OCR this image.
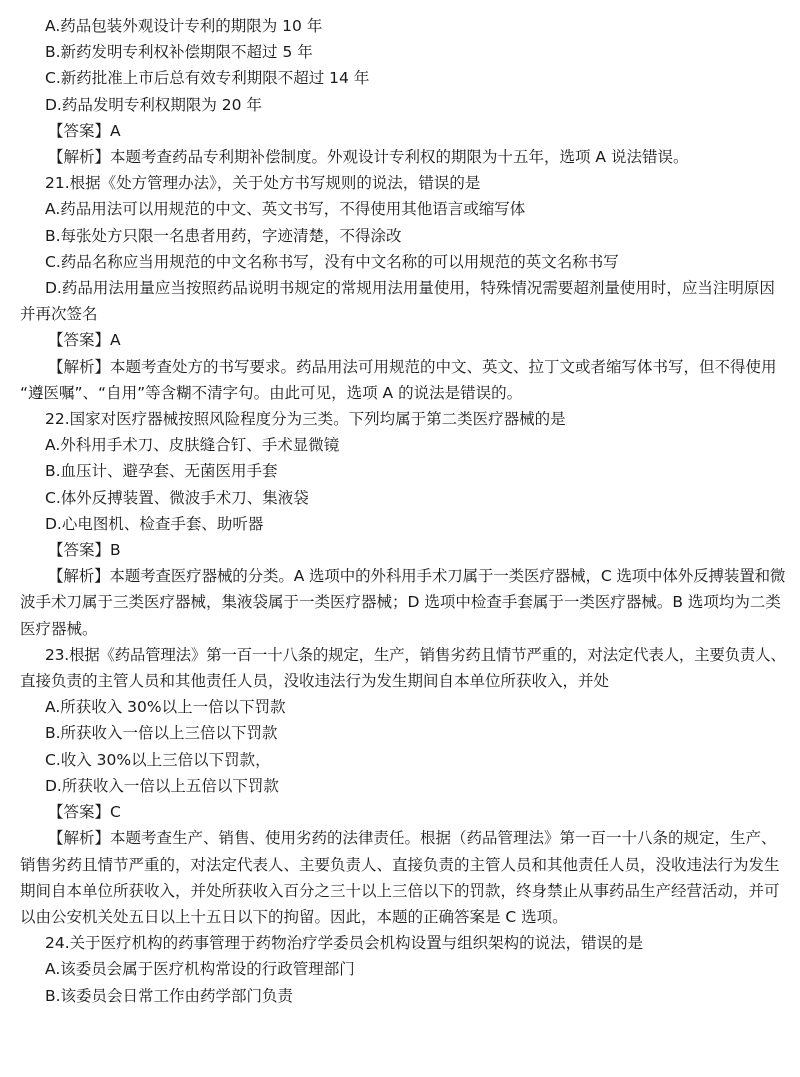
A.药品包装外观设计专利的期限为 10 年
B.新药发明专利权补偿期限不超过 5 年
C.新药批准上市后总有效专利期限不超过 14 年
D.药品发明专利权期限为 20 年
【答案】A
【解析】本题考查药品专利期补偿制度。外观设计专利权的期限为十五年，选项 A 说法错误。
21.根据《处方管理办法》，关于处方书写规则的说法，错误的是
A.药品用法可以用规范的中文、英文书写，不得使用其他语言或缩写体
B.每张处方只限一名患者用药，字迹清楚，不得涂改
C.药品名称应当用规范的中文名称书写，没有中文名称的可以用规范的英文名称书写
D.药品用法用量应当按照药品说明书规定的常规用法用量使用，特殊情况需要超剂量使用时，应当注明原因
并再次签名
【答案】A
【解析】本题考查处方的书写要求。药品用法可用规范的中文、英文、拉丁文或者缩写体书写，但不得使用
“遵医嘱”、“自用”等含糊不清字句。由此可见，选项 A 的说法是错误的。
22.国家对医疗器械按照风险程度分为三类。下列均属于第二类医疗器械的是
A.外科用手术刀、皮肤缝合钉、手术显微镜
B.血压计、避孕套、无菌医用手套
C.体外反搏装置、微波手术刀、集液袋
D.心电图机、检查手套、助听器
【答案】B
【解析】本题考查医疗器械的分类。A 选项中的外科用手术刀属于一类医疗器械，C 选项中体外反搏装置和微
波手术刀属于三类医疗器械，集液袋属于一类医疗器械；D 选项中检查手套属于一类医疗器械。B 选项均为二类
医疗器械。
23.根据《药品管理法》第一百一十八条的规定，生产，销售劣药且情节严重的，对法定代表人，主要负责人、
直接负责的主管人员和其他责任人员，没收违法行为发生期间自本单位所获收入，并处
A.所获收入 30%以上一倍以下罚款
B.所获收入一倍以上三倍以下罚款
C.收入 30%以上三倍以下罚款，
D.所获收入一倍以上五倍以下罚款
【答案】C
【解析】本题考查生产、销售、使用劣药的法律责任。根据（药品管理法》第一百一十八条的规定，生产、
销售劣药且情节严重的，对法定代表人、主要负责人、直接负责的主管人员和其他责任人员，没收违法行为发生
期间自本单位所获收入，并处所获收入百分之三十以上三倍以下的罚款，终身禁止从事药品生产经营活动，并可
以由公安机关处五日以上十五日以下的拘留。因此，本题的正确答案是 C 选项。
24.关于医疗机构的药事管理于药物治疗学委员会机构设置与组织架构的说法，错误的是
A.该委员会属于医疗机构常设的行政管理部门
B.该委员会日常工作由药学部门负责
